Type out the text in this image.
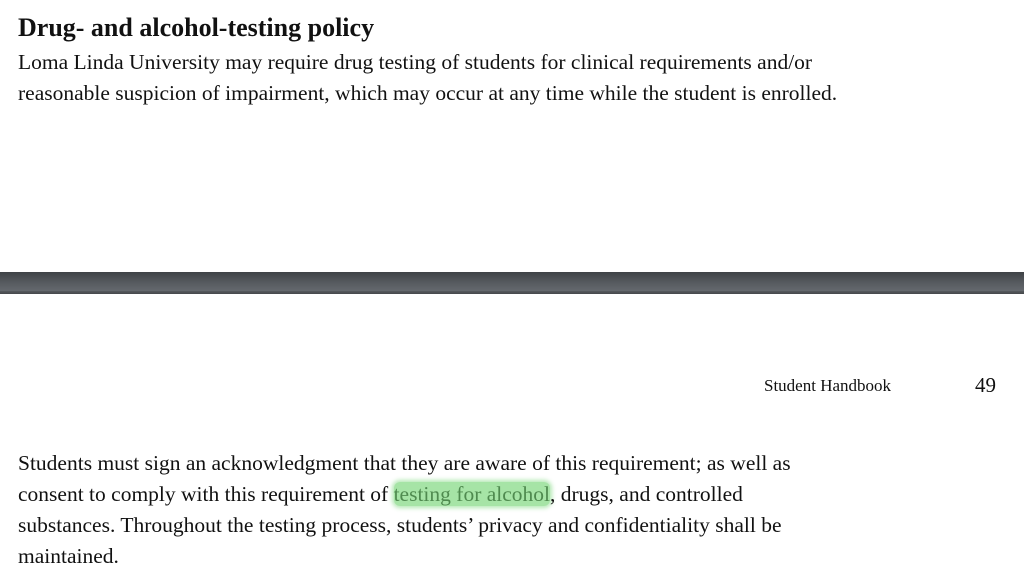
Drug- and alcohol-testing policy

Loma Linda University may require drug testing of students for clinical requirements and/or
reasonable suspicion of impairment, which may occur at any time while the student is enrolled.

Student Handbook	49

Students must sign an acknowledgment that they are aware of this requirement; as well as
consent to comply with this requirement of testing for alcohol, drugs, and controlled
substances. Throughout the testing process, students’ privacy and confidentiality shall be
maintained.
